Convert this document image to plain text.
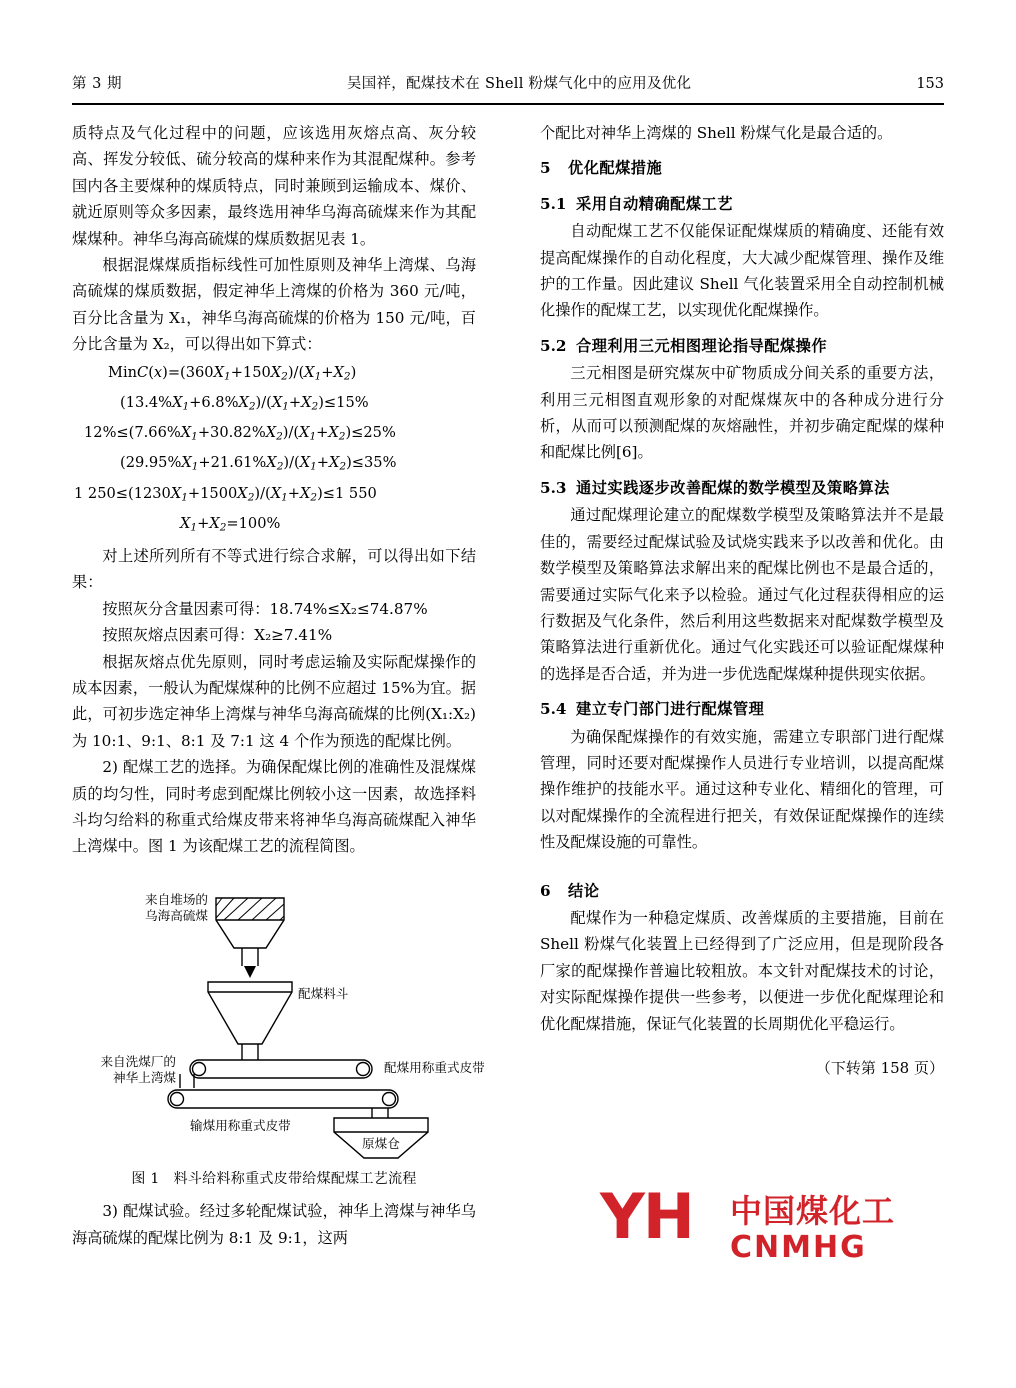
第 3 期	吴国祥，配煤技术在 Shell 粉煤气化中的应用及优化	153

质特点及气化过程中的问题，应该选用灰熔点高、灰分较高、挥发分较低、硫分较高的煤种来作为其混配煤种。参考国内各主要煤种的煤质特点，同时兼顾到运输成本、煤价、就近原则等众多因素，最终选用神华乌海高硫煤来作为其配煤煤种。神华乌海高硫煤的煤质数据见表 1。

根据混煤煤质指标线性可加性原则及神华上湾煤、乌海高硫煤的煤质数据，假定神华上湾煤的价格为 360 元/吨，百分比含量为 X₁，神华乌海高硫煤的价格为 150 元/吨，百分比含量为 X₂，可以得出如下算式：

$MinC(x)=(360X_1+150X_2)/(X_1+X_2)$
$(13.4\%X_1+6.8\%X_2)/(X_1+X_2)\le 15\%$
$12\%\le(7.66\%X_1+30.82\%X_2)/(X_1+X_2)\le 25\%$
$(29.95\%X_1+21.61\%X_2)/(X_1+X_2)\le 35\%$
1 $250\le(1230X_1+1500X_2)/(X_1+X_2)\le 1$ 550
$X_1+X_2=100\%$

对上述所列所有不等式进行综合求解，可以得出如下结果：

按照灰分含量因素可得：18.74%≤X₂≤74.87%

按照灰熔点因素可得：X₂≥7.41%

根据灰熔点优先原则，同时考虑运输及实际配煤操作的成本因素，一般认为配煤煤种的比例不应超过 15%为宜。据此，可初步选定神华上湾煤与神华乌海高硫煤的比例(X₁:X₂)为 10:1、9:1、8:1 及 7:1 这 4 个作为预选的配煤比例。

2) 配煤工艺的选择。为确保配煤比例的准确性及混煤煤质的均匀性，同时考虑到配煤比例较小这一因素，故选择料斗均匀给料的称重式给煤皮带来将神华乌海高硫煤配入神华上湾煤中。图 1 为该配煤工艺的流程简图。

来自堆场的
乌海高硫煤
配煤料斗
来自洗煤厂的
神华上湾煤
配煤用称重式皮带
输煤用称重式皮带
原煤仓
图 1 料斗给料称重式皮带给煤配煤工艺流程

3) 配煤试验。经过多轮配煤试验，神华上湾煤与神华乌海高硫煤的配煤比例为 8:1 及 9:1，这两

个配比对神华上湾煤的 Shell 粉煤气化是最合适的。

5	优化配煤措施
5.1 采用自动精确配煤工艺

自动配煤工艺不仅能保证配煤煤质的精确度、还能有效提高配煤操作的自动化程度，大大减少配煤管理、操作及维护的工作量。因此建议 Shell 气化装置采用全自动控制机械化操作的配煤工艺，以实现优化配煤操作。

5.2 合理利用三元相图理论指导配煤操作

三元相图是研究煤灰中矿物质成分间关系的重要方法，利用三元相图直观形象的对配煤煤灰中的各种成分进行分析，从而可以预测配煤的灰熔融性，并初步确定配煤的煤种和配煤比例[6]。

5.3 通过实践逐步改善配煤的数学模型及策略算法

通过配煤理论建立的配煤数学模型及策略算法并不是最佳的，需要经过配煤试验及试烧实践来予以改善和优化。由数学模型及策略算法求解出来的配煤比例也不是最合适的，需要通过实际气化来予以检验。通过气化过程获得相应的运行数据及气化条件，然后利用这些数据来对配煤数学模型及策略算法进行重新优化。通过气化实践还可以验证配煤煤种的选择是否合适，并为进一步优选配煤煤种提供现实依据。

5.4 建立专门部门进行配煤管理

为确保配煤操作的有效实施，需建立专职部门进行配煤管理，同时还要对配煤操作人员进行专业培训，以提高配煤操作维护的技能水平。通过这种专业化、精细化的管理，可以对配煤操作的全流程进行把关，有效保证配煤操作的连续性及配煤设施的可靠性。

6	结论

配煤作为一种稳定煤质、改善煤质的主要措施，目前在 Shell 粉煤气化装置上已经得到了广泛应用，但是现阶段各厂家的配煤操作普遍比较粗放。本文针对配煤技术的讨论，对实际配煤操作提供一些参考，以便进一步优化配煤理论和优化配煤措施，保证气化装置的长周期优化平稳运行。

（下转第 158 页）
YH 中国煤化工
CNMHG
